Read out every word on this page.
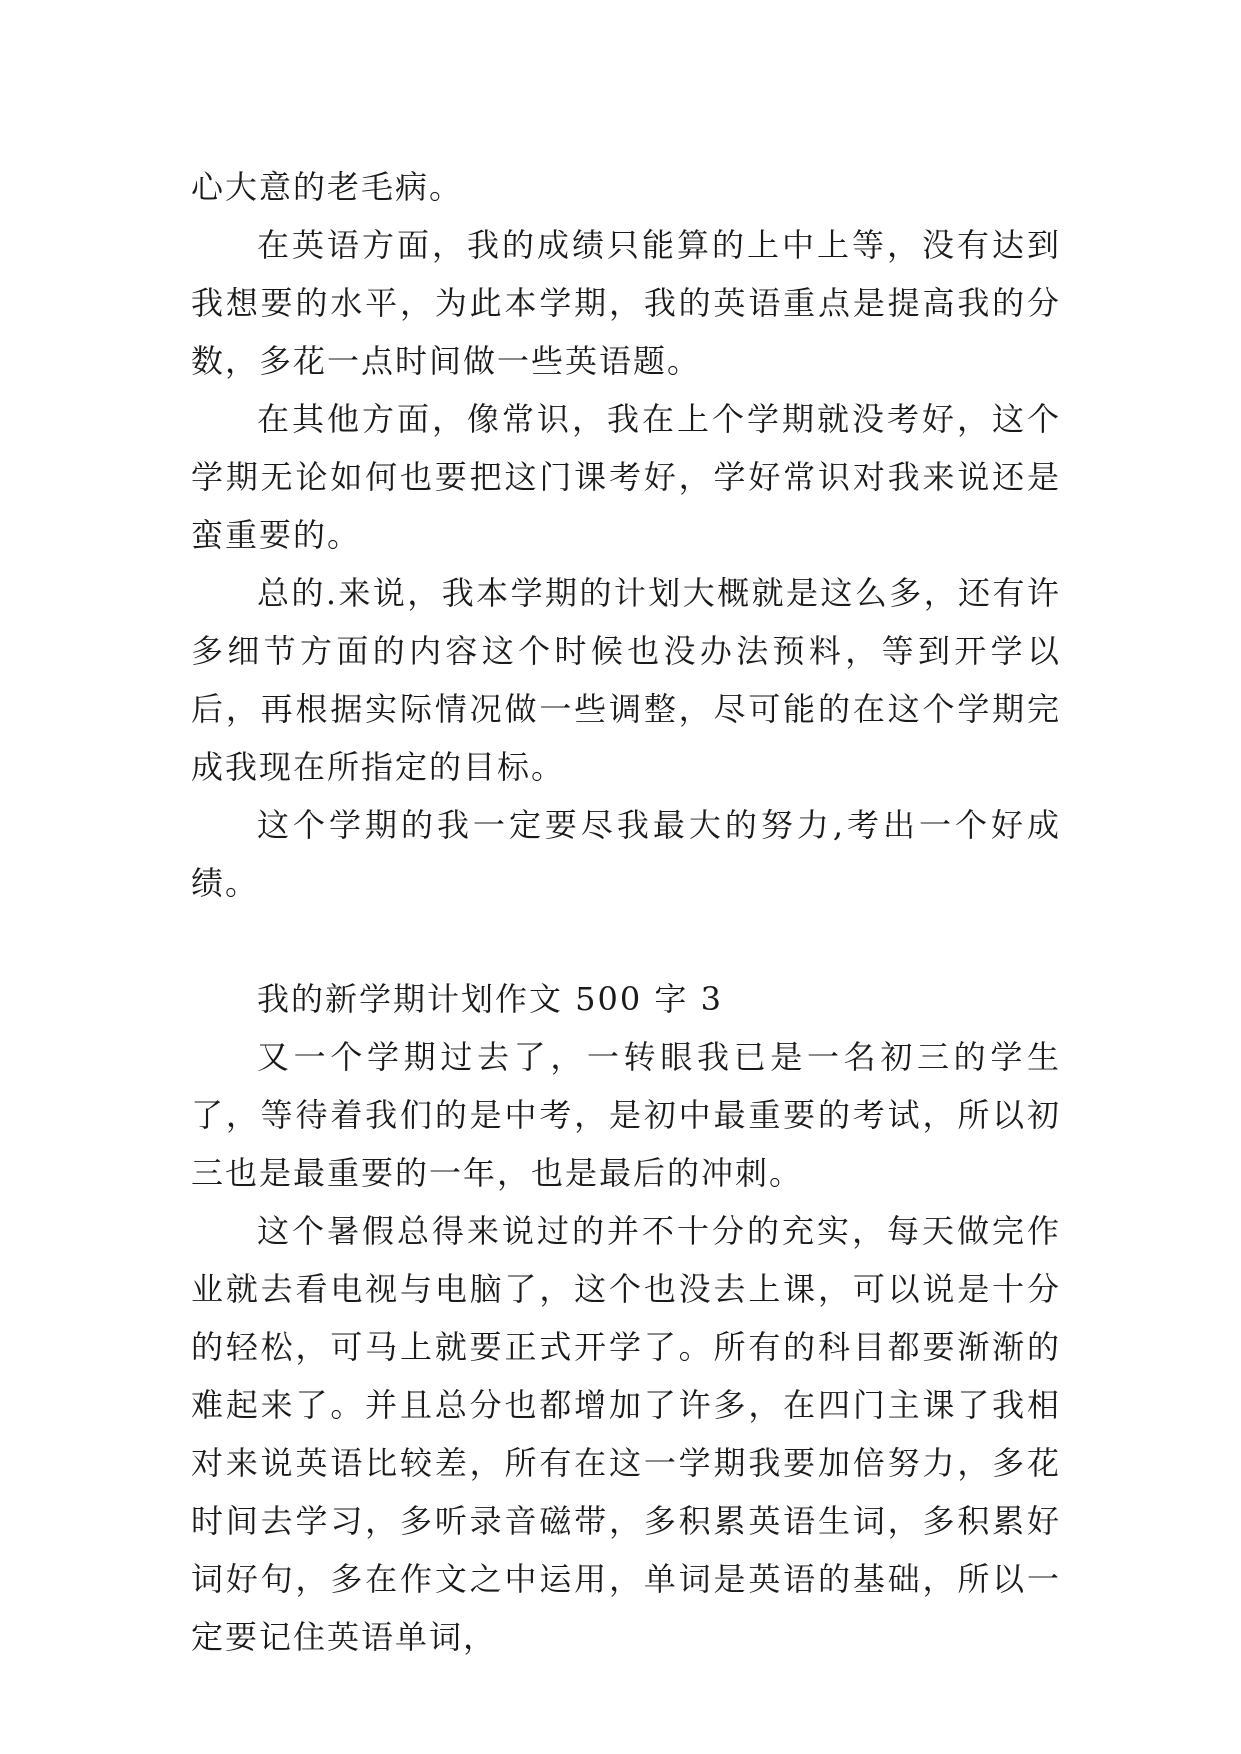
心大意的老毛病。

在英语方面，我的成绩只能算的上中上等，没有达到我想要的水平，为此本学期，我的英语重点是提高我的分数，多花一点时间做一些英语题。

在其他方面，像常识，我在上个学期就没考好，这个学期无论如何也要把这门课考好，学好常识对我来说还是蛮重要的。

总的.来说，我本学期的计划大概就是这么多，还有许多细节方面的内容这个时候也没办法预料，等到开学以后，再根据实际情况做一些调整，尽可能的在这个学期完成我现在所指定的目标。

这个学期的我一定要尽我最大的努力,考出一个好成绩。

我的新学期计划作文 500 字 3

又一个学期过去了，一转眼我已是一名初三的学生了，等待着我们的是中考，是初中最重要的考试，所以初三也是最重要的一年，也是最后的冲刺。

这个暑假总得来说过的并不十分的充实，每天做完作业就去看电视与电脑了，这个也没去上课，可以说是十分的轻松，可马上就要正式开学了。所有的科目都要渐渐的难起来了。并且总分也都增加了许多，在四门主课了我相对来说英语比较差，所有在这一学期我要加倍努力，多花时间去学习，多听录音磁带，多积累英语生词，多积累好词好句，多在作文之中运用，单词是英语的基础，所以一定要记住英语单词，
